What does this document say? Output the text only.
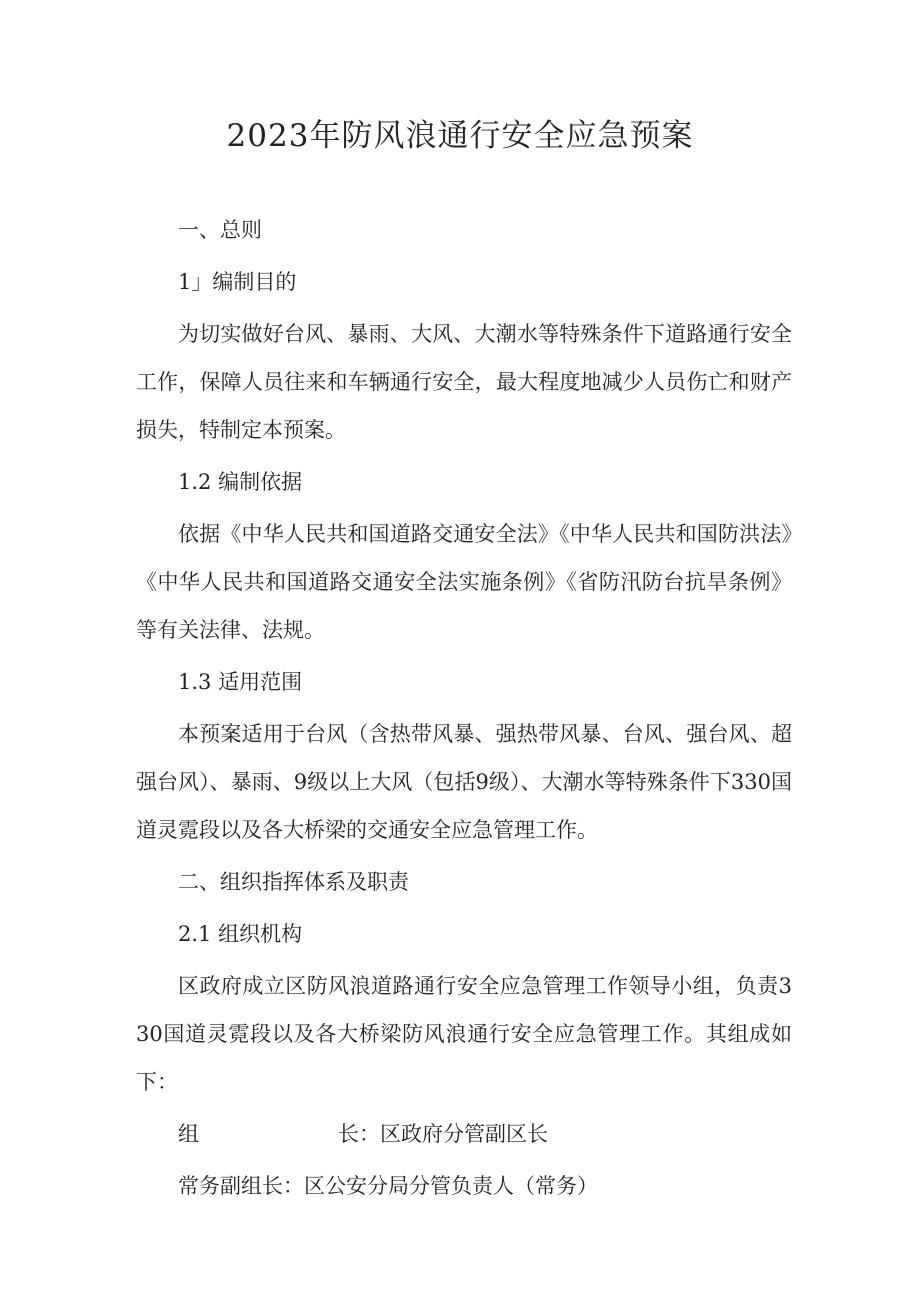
2023年防风浪通行安全应急预案

一、总则

1」编制目的

为切实做好台风、暴雨、大风、大潮水等特殊条件下道路通行安全工作，保障人员往来和车辆通行安全，最大程度地减少人员伤亡和财产损失，特制定本预案。

1.2 编制依据

依据《中华人民共和国道路交通安全法》《中华人民共和国防洪法》《中华人民共和国道路交通安全法实施条例》《省防汛防台抗旱条例》等有关法律、法规。

1.3 适用范围

本预案适用于台风（含热带风暴、强热带风暴、台风、强台风、超强台风）、暴雨、9级以上大风（包括9级）、大潮水等特殊条件下330国道灵霓段以及各大桥梁的交通安全应急管理工作。

二、组织指挥体系及职责

2.1 组织机构

区政府成立区防风浪道路通行安全应急管理工作领导小组，负责330国道灵霓段以及各大桥梁防风浪通行安全应急管理工作。其组成如下：

组	长：区政府分管副区长

常务副组长：区公安分局分管负责人（常务）
